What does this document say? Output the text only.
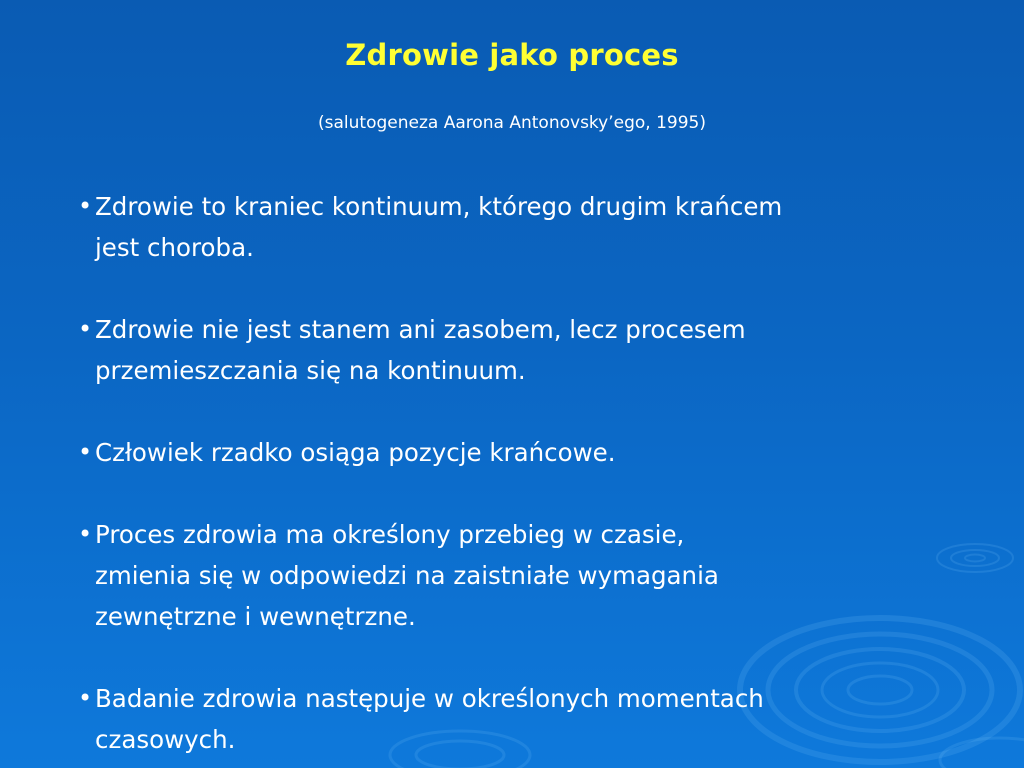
Zdrowie jako proces
(salutogeneza Aarona Antonovsky’ego, 1995)
• Zdrowie to kraniec kontinuum, którego drugim krańcem
jest choroba.
• Zdrowie nie jest stanem ani zasobem, lecz procesem
przemieszczania się na kontinuum.
• Człowiek rzadko osiąga pozycje krańcowe.
• Proces zdrowia ma określony przebieg w czasie,
zmienia się w odpowiedzi na zaistniałe wymagania
zewnętrzne i wewnętrzne.
• Badanie zdrowia następuje w określonych momentach
czasowych.
